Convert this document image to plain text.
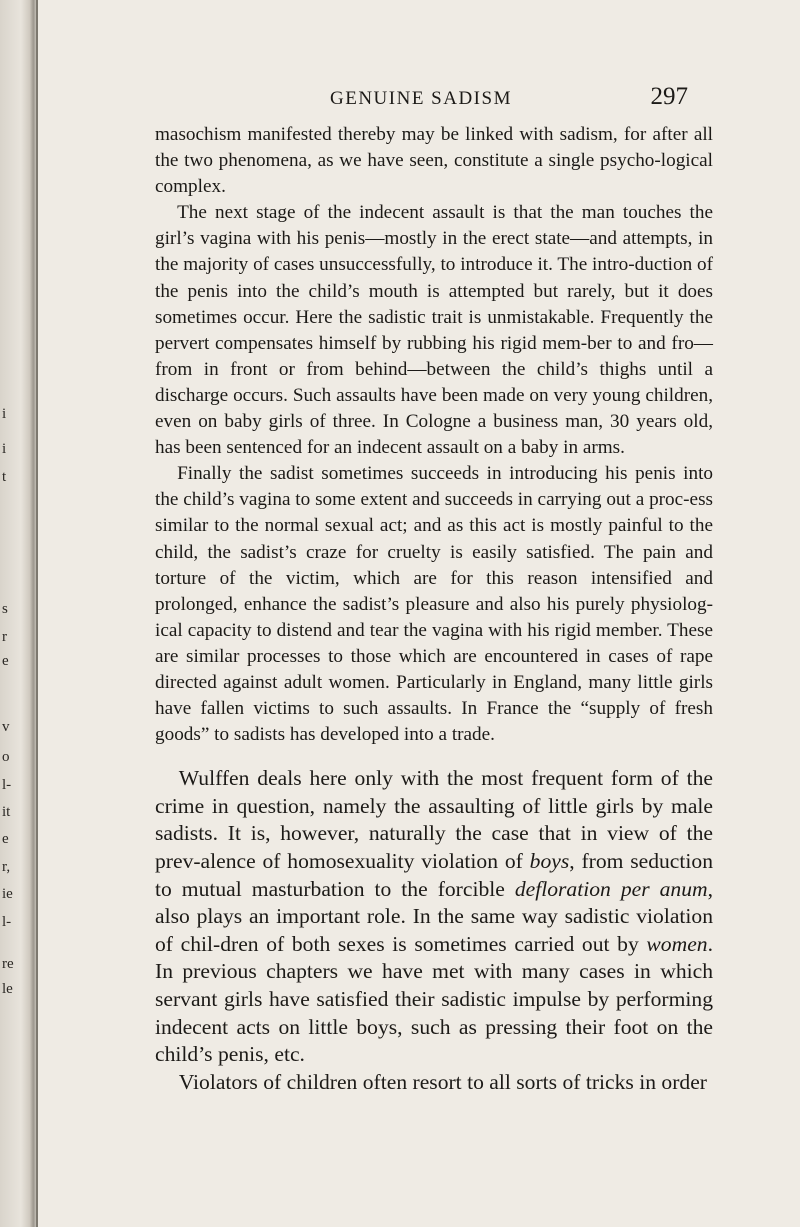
i
i
t
s
r
e
v
o
l-
it
e
r,
ie
l-
re
le
GENUINE SADISM	297

masochism manifested thereby may be linked with sadism, for after all the two phenomena, as we have seen, constitute a single psycho-logical complex.

The next stage of the indecent assault is that the man touches the girl’s vagina with his penis—mostly in the erect state—and attempts, in the majority of cases unsuccessfully, to introduce it. The intro-duction of the penis into the child’s mouth is attempted but rarely, but it does sometimes occur. Here the sadistic trait is unmistakable. Frequently the pervert compensates himself by rubbing his rigid mem-ber to and fro—from in front or from behind—between the child’s thighs until a discharge occurs. Such assaults have been made on very young children, even on baby girls of three. In Cologne a business man, 30 years old, has been sentenced for an indecent assault on a baby in arms.

Finally the sadist sometimes succeeds in introducing his penis into the child’s vagina to some extent and succeeds in carrying out a proc-ess similar to the normal sexual act; and as this act is mostly painful to the child, the sadist’s craze for cruelty is easily satisfied. The pain and torture of the victim, which are for this reason intensified and prolonged, enhance the sadist’s pleasure and also his purely physiolog-ical capacity to distend and tear the vagina with his rigid member. These are similar processes to those which are encountered in cases of rape directed against adult women. Particularly in England, many little girls have fallen victims to such assaults. In France the “supply of fresh goods” to sadists has developed into a trade.

Wulffen deals here only with the most frequent form of the crime in question, namely the assaulting of little girls by male sadists. It is, however, naturally the case that in view of the prev-alence of homosexuality violation of boys, from seduction to mutual masturbation to the forcible defloration per anum, also plays an important role. In the same way sadistic violation of chil-dren of both sexes is sometimes carried out by women. In previous chapters we have met with many cases in which servant girls have satisfied their sadistic impulse by performing indecent acts on little boys, such as pressing their foot on the child’s penis, etc.

Violators of children often resort to all sorts of tricks in order
